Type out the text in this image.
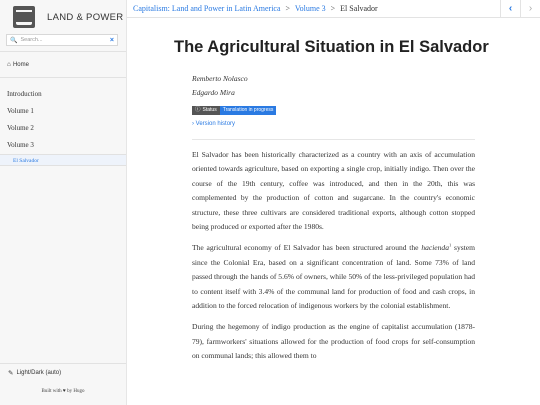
LAND & POWER
🔍 Search...	×
⌂ Home
Introduction
Volume 1
Volume 2
Volume 3
El Salvador
✎ Light/Dark (auto)
Built with ♥ by Hugo
Capitalism: Land and Power in Latin America > Volume 3 > El Salvador	‹	›
The Agricultural Situation in El Salvador
Remberto Nolasco
Edgardo Mira
ⓘ Status	Translation in progress
› Version history

El Salvador has been historically characterized as a country with an axis of accumulation oriented towards agriculture, based on exporting a single crop, initially indigo. Then over the course of the 19th century, coffee was introduced, and then in the 20th, this was complemented by the production of cotton and sugarcane. In the country's economic structure, these three cultivars are considered traditional exports, although cotton stopped being produced or exported after the 1980s.

The agricultural economy of El Salvador has been structured around the hacienda$^1$ system since the Colonial Era, based on a significant concentration of land. Some 73% of land passed through the hands of 5.6% of owners, while 50% of the less-privileged population had to content itself with 3.4% of the communal land for production of food and cash crops, in addition to the forced relocation of indigenous workers by the colonial establishment.

During the hegemony of indigo production as the engine of capitalist accumulation (1878-79), farmworkers' situations allowed for the production of food crops for self-consumption on communal lands; this allowed them to
